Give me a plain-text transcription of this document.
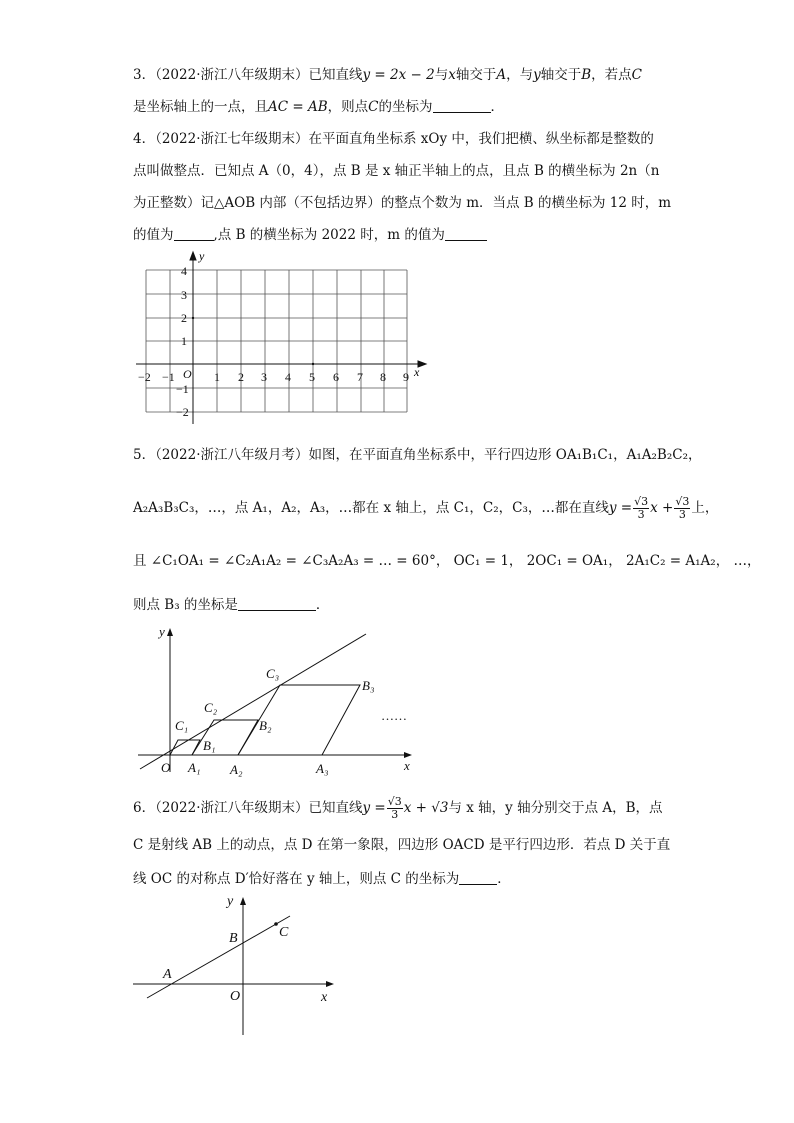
3．（2022·浙江八年级期末）已知直线y = 2x − 2与x轴交于A，与y轴交于B，若点C
是坐标轴上的一点，且AC = AB，则点C的坐标为	．
4．（2022·浙江七年级期末）在平面直角坐标系 xOy 中，我们把横、纵坐标都是整数的
点叫做整点．已知点 A（0，4），点 B 是 x 轴正半轴上的点，且点 B 的横坐标为 2n（n
为正整数）记△AOB 内部（不包括边界）的整点个数为 m．当点 B 的横坐标为 12 时，m
的值为	,点 B 的横坐标为 2022 时，m 的值为
−2 −1 O 1 2 3 4 5 6 7 8 9
4
3
2
1
−1
−2
x
y
5．（2022·浙江八年级月考）如图，在平面直角坐标系中，平行四边形 OA₁B₁C₁，A₁A₂B₂C₂，
A₂A₃B₃C₃，…，点 A₁，A₂，A₃，…都在 x 轴上，点 C₁，C₂，C₃，…都在直线$y = \frac{√3}{3}$ $x + \frac{√3}{3}$ 上，
且 ∠C₁OA₁ = ∠C₂A₁A₂ = ∠C₃A₂A₃ = … = 60°， OC₁ = 1， 2OC₁ = OA₁， 2A₁C₂ = A₁A₂， …，
则点 B₃ 的坐标是	．
y
x
O
C₁
B₁
A₁
C₂
B₂
A₂
C₃
B₃
A₃
……
6．（2022·浙江八年级期末）已知直线$y = \frac{√3}{3}$ x + √3与 x 轴，y 轴分别交于点 A，B，点
C 是射线 AB 上的动点，点 D 在第一象限，四边形 OACD 是平行四边形．若点 D 关于直
线 OC 的对称点 D′恰好落在 y 轴上，则点 C 的坐标为	．
y
x
O
A
B	C
